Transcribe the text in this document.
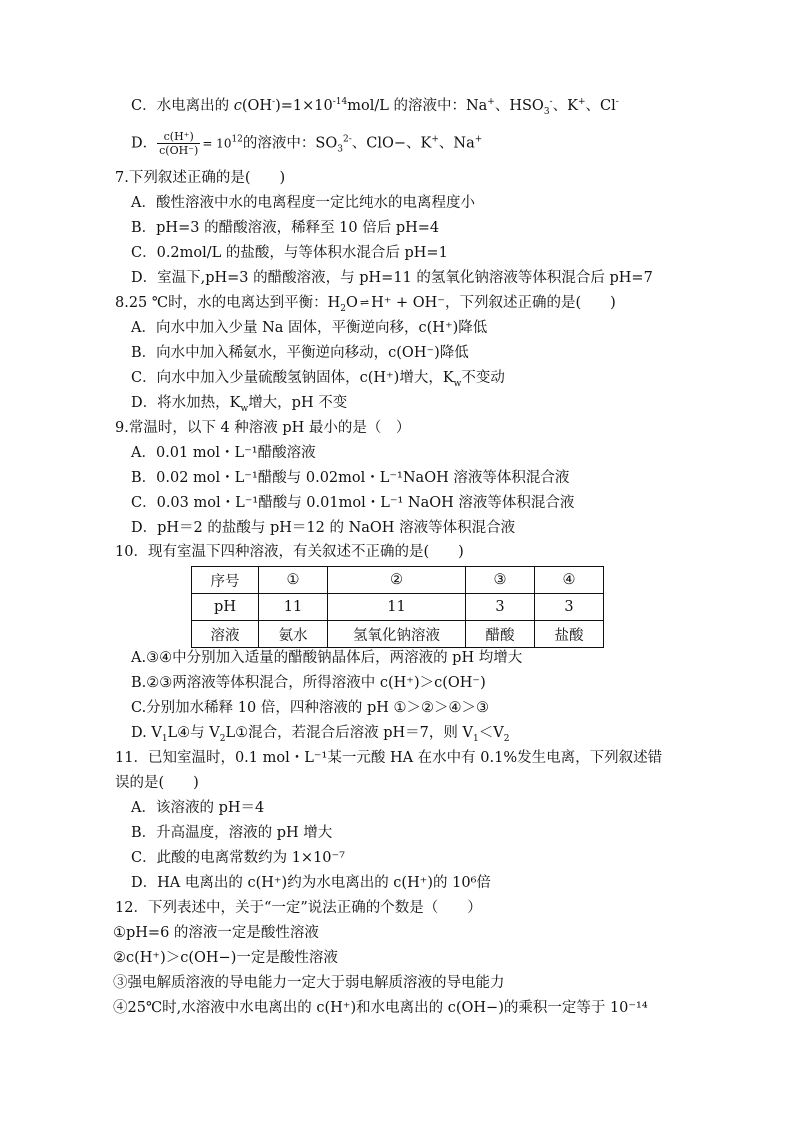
C．水电离出的 $c(OH^-)=1\times 10^{-14}mol/L$ 的溶液中：Na+、$HSO_3^-$、K+、Cl-
D． $\frac{c(H^+)}{c(OH^-)} = 10^{12}$的溶液中：$SO_3^{2-}$、ClO−、K+、Na+
7.下列叙述正确的是(　　)
A．酸性溶液中水的电离程度一定比纯水的电离程度小
B．pH=3 的醋酸溶液，稀释至 10 倍后 pH=4
C．0.2mol/L 的盐酸，与等体积水混合后 pH=1
D．室温下,pH=3 的醋酸溶液，与 pH=11 的氢氧化钠溶液等体积混合后 pH=7
8.25 ℃时，水的电离达到平衡：$H_2O$ ⇌ H⁺ + OH⁻，下列叙述正确的是(　　)
A．向水中加入少量 Na 固体，平衡逆向移，c(H⁺)降低
B．向水中加入稀氨水，平衡逆向移动，c(OH⁻)降低
C．向水中加入少量硫酸氢钠固体，c(H⁺)增大，$K_w$不变动
D．将水加热，$K_w$增大，pH 不变
9.常温时，以下 4 种溶液 pH 最小的是（　）
A．0.01 mol・L⁻¹醋酸溶液
B．0.02 mol・L⁻¹醋酸与 0.02mol・L⁻¹NaOH 溶液等体积混合液
C．0.03 mol・L⁻¹醋酸与 0.01mol・L⁻¹ NaOH 溶液等体积混合液
D．pH＝2 的盐酸与 pH＝12 的 NaOH 溶液等体积混合液
10．现有室温下四种溶液，有关叙述不正确的是(　　)
序号	①	②	③	④
pH	11	11	3	3
溶液	氨水	氢氧化钠溶液	醋酸	盐酸
A.③④中分别加入适量的醋酸钠晶体后，两溶液的 pH 均增大
B.②③两溶液等体积混合，所得溶液中 c(H⁺)＞c(OH⁻)
C.分别加水稀释 10 倍，四种溶液的 pH ①＞②＞④＞③
D. $V_1L④$与 $V_2L①$混合，若混合后溶液 pH＝7，则 $V_1<V_2$
11．已知室温时，0.1 mol・L⁻¹某一元酸 HA 在水中有 0.1%发生电离，下列叙述错
误的是(　　)
A．该溶液的 pH＝4
B．升高温度，溶液的 pH 增大
C．此酸的电离常数约为 1×10⁻⁷
D．HA 电离出的 c(H⁺)约为水电离出的 c(H⁺)的 10⁶倍
12．下列表述中，关于“一定”说法正确的个数是（　　）
①pH=6 的溶液一定是酸性溶液
②c(H⁺)＞c(OH−)一定是酸性溶液
③强电解质溶液的导电能力一定大于弱电解质溶液的导电能力
④25℃时,水溶液中水电离出的 c(H⁺)和水电离出的 c(OH−)的乘积一定等于 10⁻¹⁴
